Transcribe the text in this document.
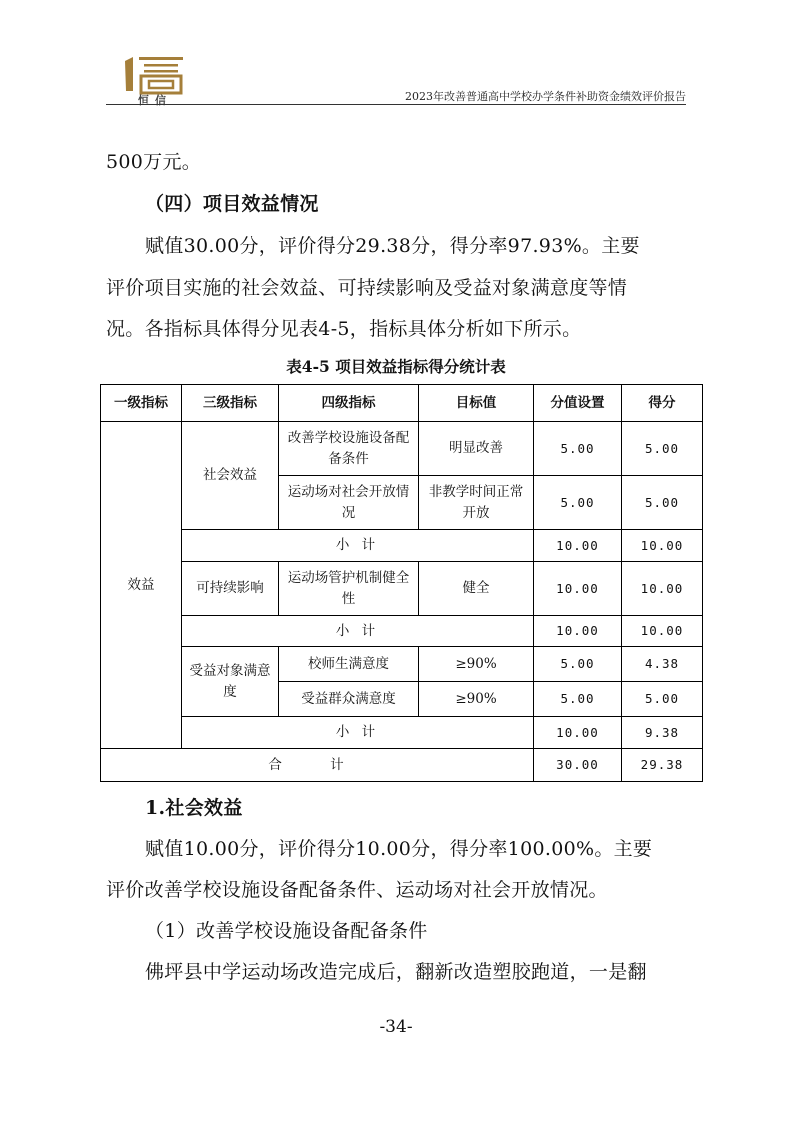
恒信	2023年改善普通高中学校办学条件补助资金绩效评价报告
500万元。
（四）项目效益情况
赋值30.00分，评价得分29.38分，得分率97.93%。主要
评价项目实施的社会效益、可持续影响及受益对象满意度等情
况。各指标具体得分见表4-5，指标具体分析如下所示。
表4-5 项目效益指标得分统计表
一级指标	三级指标	四级指标	目标值	分值设置	得分
效益	社会效益	改善学校设施设备配备条件	明显改善	5.00	5.00
		运动场对社会开放情况	非教学时间正常开放	5.00	5.00
	小 计			10.00	10.00
	可持续影响	运动场管护机制健全性	健全	10.00	10.00
	小 计			10.00	10.00
	受益对象满意度	校师生满意度	≥90%	5.00	4.38
		受益群众满意度	≥90%	5.00	5.00
	小 计			10.00	9.38

合 计				30.00	29.38
1.社会效益
赋值10.00分，评价得分10.00分，得分率100.00%。主要
评价改善学校设施设备配备条件、运动场对社会开放情况。
（1）改善学校设施设备配备条件
佛坪县中学运动场改造完成后，翻新改造塑胶跑道，一是翻
-34-
